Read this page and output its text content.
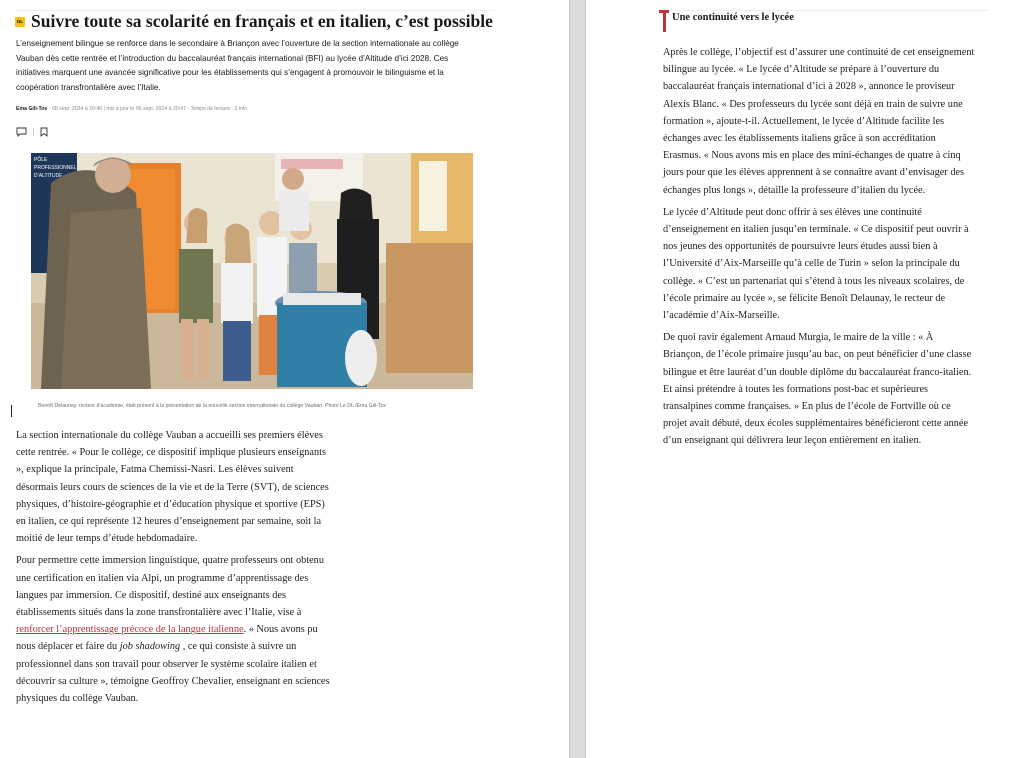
DL Suivre toute sa scolarité en français et en italien, c’est possible
L’enseignement bilingue se renforce dans le secondaire à Briançon avec l’ouverture de la section internationale au collège Vauban dès cette rentrée et l’introduction du baccalauréat français international (BFI) au lycée d’Altitude d’ici 2028. Ces initiatives marquent une avancée significative pour les établissements qui s’engagent à promouvoir le bilinguisme et la coopération transfrontalière avec l’Italie.
Ema Gili-Tos - 06 sept. 2024 à 20:46 | mis à jour le 06 sept. 2024 à 20:47 - Temps de lecture : 3 min
PÔLE
PROFESSIONNEL
D’ALTITUDE
Benoît Delaunay, recteur d’académie, était présent à la présentation de la nouvelle section internationale du collège Vauban. Photo Le DL /Ema Gili-Tos

La section internationale du collège Vauban a accueilli ses premiers élèves cette rentrée. « Pour le collège, ce dispositif implique plusieurs enseignants », explique la principale, Fatma Chemissi-Nasri. Les élèves suivent désormais leurs cours de sciences de la vie et de la Terre (SVT), de sciences physiques, d’histoire-géographie et d’éducation physique et sportive (EPS) en italien, ce qui représente 12 heures d’enseignement par semaine, soit la moitié de leur temps d’étude hebdomadaire.

Pour permettre cette immersion linguistique, quatre professeurs ont obtenu une certification en italien via Alpi, un programme d’apprentissage des langues par immersion. Ce dispositif, destiné aux enseignants des établissements situés dans la zone transfrontalière avec l’Italie, vise à renforcer l’apprentissage précoce de la langue italienne. « Nous avons pu nous déplacer et faire du job shadowing , ce qui consiste à suivre un professionnel dans son travail pour observer le système scolaire italien et découvrir sa culture », témoigne Geoffroy Chevalier, enseignant en sciences physiques du collège Vauban.

Une continuité vers le lycée

Après le collège, l’objectif est d’assurer une continuité de cet enseignement bilingue au lycée. « Le lycée d’Altitude se prépare à l’ouverture du baccalauréat français international d’ici à 2028 », annonce le proviseur Alexis Blanc. « Des professeurs du lycée sont déjà en train de suivre une formation », ajoute-t-il. Actuellement, le lycée d’Altitude facilite les échanges avec les établissements italiens grâce à son accréditation Erasmus. « Nous avons mis en place des mini-échanges de quatre à cinq jours pour que les élèves apprennent à se connaître avant d’envisager des échanges plus longs », détaille la professeure d’italien du lycée.

Le lycée d’Altitude peut donc offrir à ses élèves une continuité d’enseignement en italien jusqu’en terminale. « Ce dispositif peut ouvrir à nos jeunes des opportunités de poursuivre leurs études aussi bien à l’Université d’Aix-Marseille qu’à celle de Turin » selon la principale du collège. « C’est un partenariat qui s’étend à tous les niveaux scolaires, de l’école primaire au lycée », se félicite Benoît Delaunay, le recteur de l’académie d’Aix-Marseille.

De quoi ravir également Arnaud Murgia, le maire de la ville : « À Briançon, de l’école primaire jusqu’au bac, on peut bénéficier d’une classe bilingue et être lauréat d’un double diplôme du baccalauréat franco-italien. Et ainsi prétendre à toutes les formations post-bac et supérieures transalpines comme françaises. » En plus de l’école de Fortville où ce projet avait débuté, deux écoles supplémentaires bénéficieront cette année d’un enseignant qui délivrera leur leçon entièrement en italien.
